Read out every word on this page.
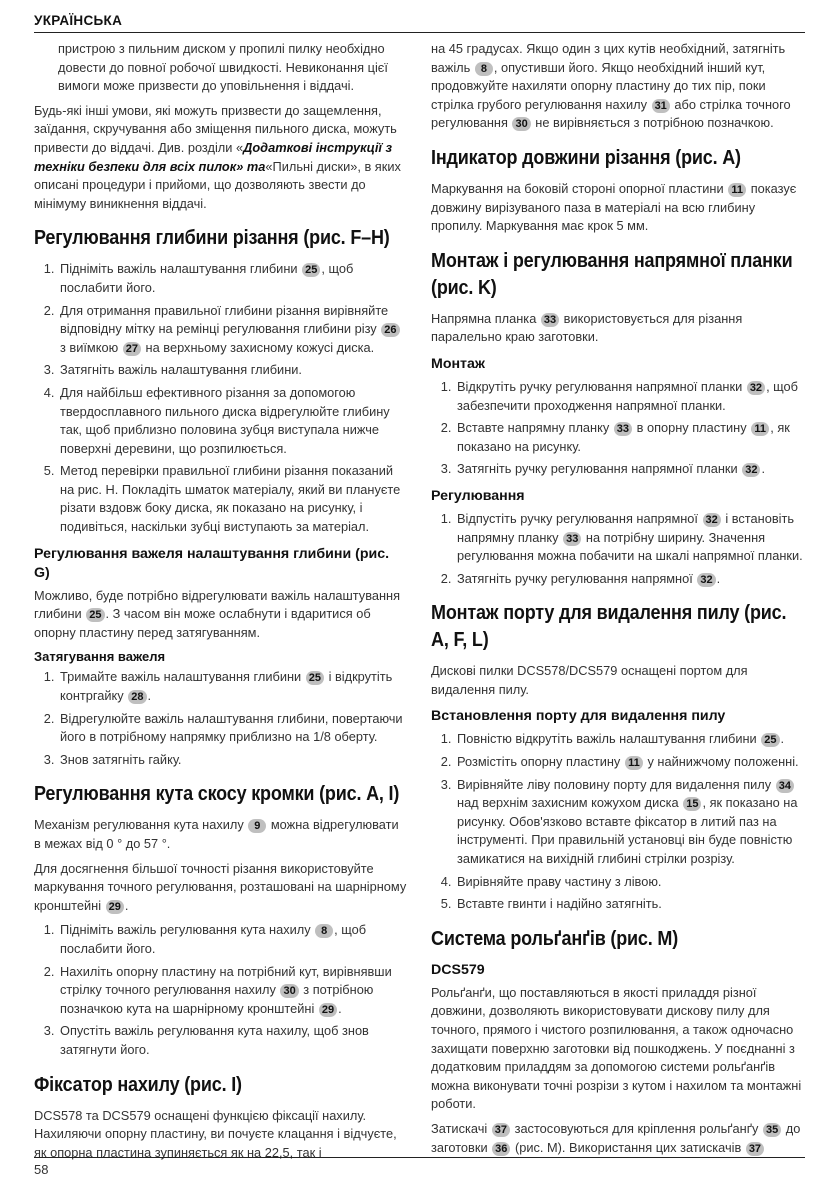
УКРАЇНСЬКА

пристрою з пильним диском у пропилі пилку необхідно довести до повної робочої швидкості. Невиконання цієї вимоги може призвести до уповільнення і віддачі.

Будь-які інші умови, які можуть призвести до защемлення, заїдання, скручування або зміщення пильного диска, можуть привести до віддачі. Див. розділи «Додаткові інструкції з техніки безпеки для всіх пилок» та«Пильні диски», в яких описані процедури і прийоми, що дозволяють звести до мінімуму виникнення віддачі.

Регулювання глибини різання (рис. F–H)
1. Підніміть важіль налаштування глибини 25 , щоб послабити його.
2. Для отримання правильної глибини різання вирівняйте відповідну мітку на ремінці регулювання глибини різу 26 з виїмкою 27 на верхньому захисному кожусі диска.
3. Затягніть важіль налаштування глибини.
4. Для найбільш ефективного різання за допомогою твердосплавного пильного диска відрегулюйте глибину так, щоб приблизно половина зубця виступала нижче поверхні деревини, що розпилюється.
5. Метод перевірки правильної глибини різання показаний на рис. H. Покладіть шматок матеріалу, який ви плануєте різати вздовж боку диска, як показано на рисунку, і подивіться, наскільки зубці виступають за матеріал.
Регулювання важеля налаштування глибини (рис. G)

Можливо, буде потрібно відрегулювати важіль налаштування глибини 25 . З часом він може ослабнути і вдаритися об опорну пластину перед затягуванням.

Затягування важеля
1. Тримайте важіль налаштування глибини 25 і відкрутіть контргайку 28 .
2. Відрегулюйте важіль налаштування глибини, повертаючи його в потрібному напрямку приблизно на 1/8 оберту.
3. Знов затягніть гайку.
Регулювання кута скосу кромки (рис. A, I)

Механізм регулювання кута нахилу 9 можна відрегулювати в межах від 0 ° до 57 °.

Для досягнення більшої точності різання використовуйте маркування точного регулювання, розташовані на шарнірному кронштейні 29 .

1. Підніміть важіль регулювання кута нахилу 8 , щоб послабити його.
2. Нахиліть опорну пластину на потрібний кут, вирівнявши стрілку точного регулювання нахилу 30 з потрібною позначкою кута на шарнірному кронштейні 29 .
3. Опустіть важіль регулювання кута нахилу, щоб знов затягнути його.
Фіксатор нахилу (рис. I)

DCS578 та DCS579 оснащені функцією фіксації нахилу. Нахиляючи опорну пластину, ви почуєте клацання і відчуєте, як опорна пластина зупиняється як на 22,5, так і

на 45 градусах. Якщо один з цих кутів необхідний, затягніть важіль 8 , опустивши його. Якщо необхідний інший кут, продовжуйте нахиляти опорну пластину до тих пір, поки стрілка грубого регулювання нахилу 31 або стрілка точного регулювання 30 не вирівняється з потрібною позначкою.

Індикатор довжини різання (рис. A)

Маркування на боковій стороні опорної пластини 11 показує довжину вирізуваного паза в матеріалі на всю глибину пропилу. Маркування має крок 5 мм.

Монтаж і регулювання напрямної планки (рис. K)

Напрямна планка 33 використовується для різання паралельно краю заготовки.

Монтаж
1. Відкрутіть ручку регулювання напрямної планки 32 , щоб забезпечити проходження напрямної планки.
2. Вставте напрямну планку 33 в опорну пластину 11 , як показано на рисунку.
3. Затягніть ручку регулювання напрямної планки 32 .
Регулювання
1. Відпустіть ручку регулювання напрямної 32 і встановіть напрямну планку 33 на потрібну ширину. Значення регулювання можна побачити на шкалі напрямної планки.
2. Затягніть ручку регулювання напрямної 32 .
Монтаж порту для видалення пилу (рис. A, F, L)

Дискові пилки DCS578/DCS579 оснащені портом для видалення пилу.

Встановлення порту для видалення пилу
1. Повністю відкрутіть важіль налаштування глибини 25 .
2. Розмістіть опорну пластину 11 у найнижчому положенні.
3. Вирівняйте ліву половину порту для видалення пилу 34 над верхнім захисним кожухом диска 15 , як показано на рисунку. Обов'язково вставте фіксатор в литий паз на інструменті. При правильній установці він буде повністю замикатися на вихідній глибині стрілки розрізу.
4. Вирівняйте праву частину з лівою.
5. Вставте гвинти і надійно затягніть.
Система рольґанґів (рис. M)
DCS579

Рольґанґи, що поставляються в якості приладдя різної довжини, дозволяють використовувати дискову пилу для точного, прямого і чистого розпилювання, а також одночасно захищати поверхню заготовки від пошкоджень. У поєднанні з додатковим приладдям за допомогою системи рольґанґів можна виконувати точні розрізи з кутом і нахилом та монтажні роботи.

Затискачі 37 застосовуються для кріплення рольґанґу 35 до заготовки 36 (рис. M). Використання цих затискачів 37

58
